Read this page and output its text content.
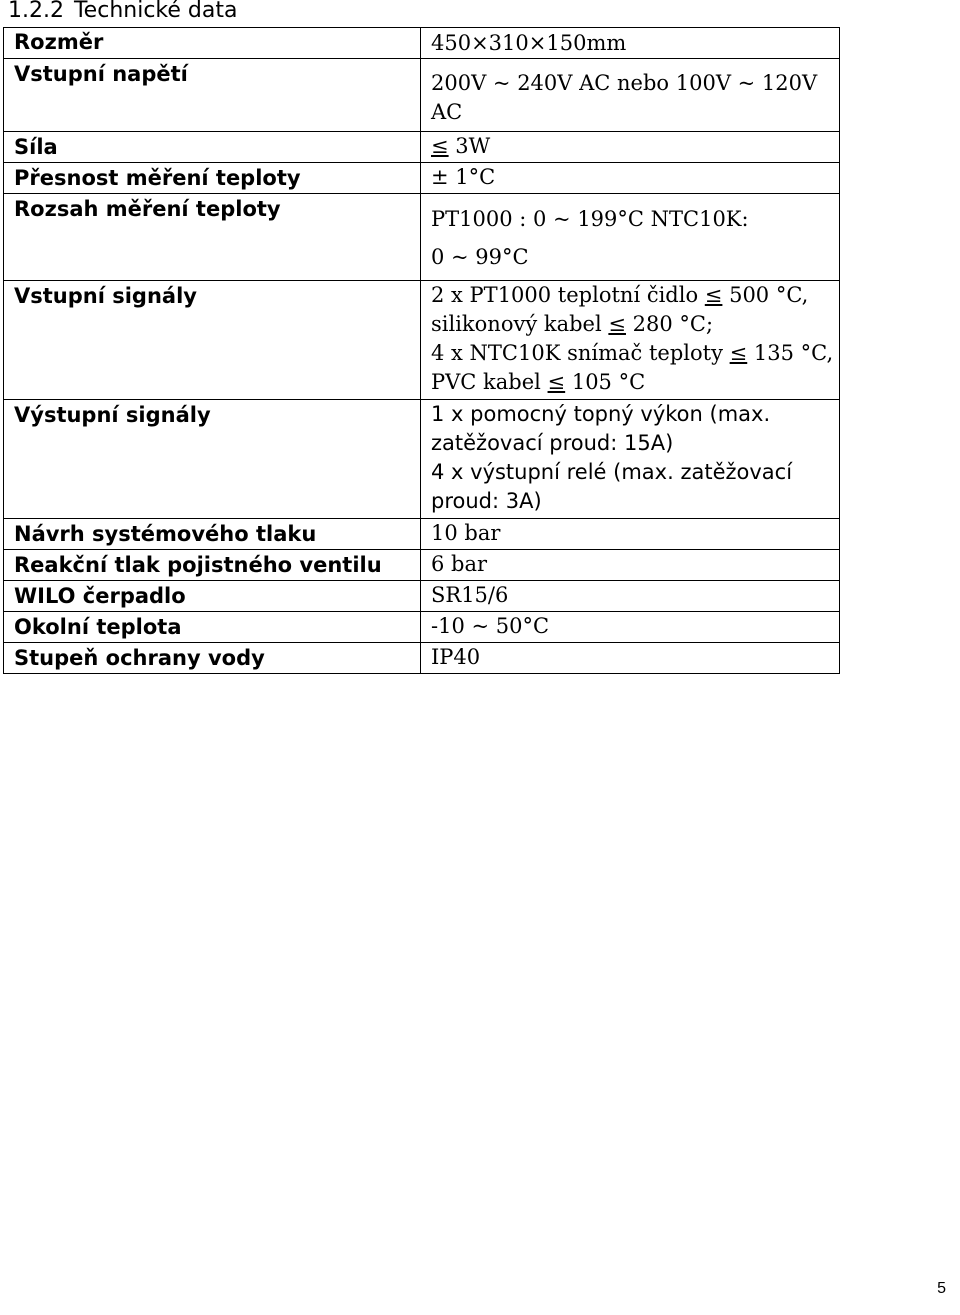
1.2.2 Technické data
Rozměr	450×310×150mm

Vstupní napětí	200V ~ 240V AC nebo 100V ~ 120V
AC

Síla	≤ 3W

Přesnost měření teploty	± 1°C

Rozsah měření teploty	PT1000 : 0 ~ 199°C NTC10K:
0 ~ 99°C

Vstupní signály	2 x PT1000 teplotní čidlo ≤ 500 °C,
silikonový kabel ≤ 280 °C;
4 x NTC10K snímač teploty ≤ 135 °C,
PVC kabel ≤ 105 °C

Výstupní signály	1 x pomocný topný výkon (max.
zatěžovací proud: 15A)
4 x výstupní relé (max. zatěžovací
proud: 3A)

Návrh systémového tlaku	10 bar

Reakční tlak pojistného ventilu	6 bar

WILO čerpadlo	SR15/6

Okolní teplota	-10 ~ 50°C

Stupeň ochrany vody	IP40
5
